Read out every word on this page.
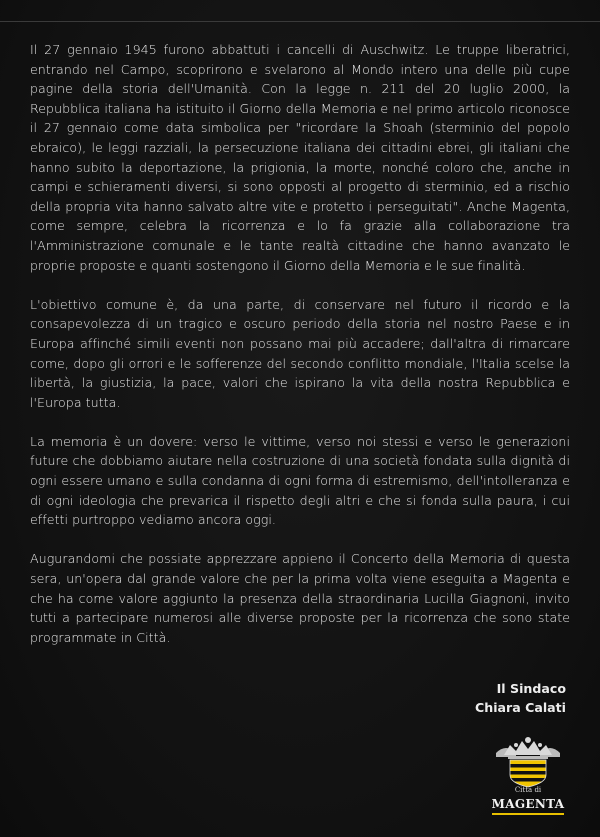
Il 27 gennaio 1945 furono abbattuti i cancelli di Auschwitz. Le truppe liberatrici, entrando nel Campo, scoprirono e svelarono al Mondo intero una delle più cupe pagine della storia dell'Umanità. Con la legge n. 211 del 20 luglio 2000, la Repubblica italiana ha istituito il Giorno della Memoria e nel primo articolo riconosce il 27 gennaio come data simbolica per "ricordare la Shoah (sterminio del popolo ebraico), le leggi razziali, la persecuzione italiana dei cittadini ebrei, gli italiani che hanno subito la deportazione, la prigionia, la morte, nonché coloro che, anche in campi e schieramenti diversi, si sono opposti al progetto di sterminio, ed a rischio della propria vita hanno salvato altre vite e protetto i perseguitati". Anche Magenta, come sempre, celebra la ricorrenza e lo fa grazie alla collaborazione tra l'Amministrazione comunale e le tante realtà cittadine che hanno avanzato le proprie proposte e quanti sostengono il Giorno della Memoria e le sue finalità.

L'obiettivo comune è, da una parte, di conservare nel futuro il ricordo e la consapevolezza di un tragico e oscuro periodo della storia nel nostro Paese e in Europa affinché simili eventi non possano mai più accadere; dall'altra di rimarcare come, dopo gli orrori e le sofferenze del secondo conflitto mondiale, l'Italia scelse la libertà, la giustizia, la pace, valori che ispirano la vita della nostra Repubblica e l'Europa tutta.

La memoria è un dovere: verso le vittime, verso noi stessi e verso le generazioni future che dobbiamo aiutare nella costruzione di una società fondata sulla dignità di ogni essere umano e sulla condanna di ogni forma di estremismo, dell'intolleranza e di ogni ideologia che prevarica il rispetto degli altri e che si fonda sulla paura, i cui effetti purtroppo vediamo ancora oggi.

Augurandomi che possiate apprezzare appieno il Concerto della Memoria di questa sera, un'opera dal grande valore che per la prima volta viene eseguita a Magenta e che ha come valore aggiunto la presenza della straordinaria Lucilla Giagnoni, invito tutti a partecipare numerosi alle diverse proposte per la ricorrenza che sono state programmate in Città.

Il Sindaco
Chiara Calati
Città di
MAGENTA
